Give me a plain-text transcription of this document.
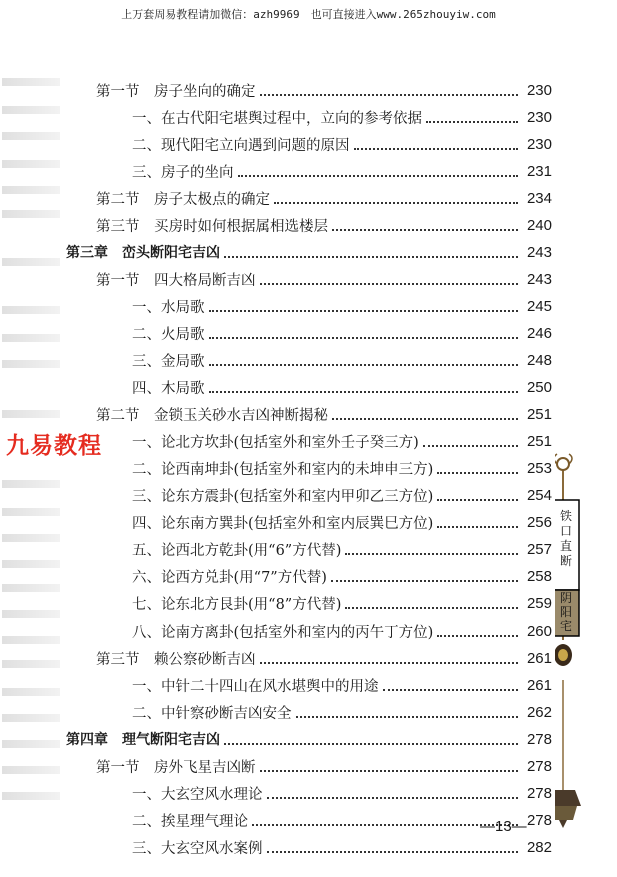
上万套周易教程请加微信：azh9969　也可直接进入www.265zhouyiw.com
第一节　房子坐向的确定	230
一、在古代阳宅堪舆过程中，立向的参考依据	230
二、现代阳宅立向遇到问题的原因	230
三、房子的坐向	231
第二节　房子太极点的确定	234
第三节　买房时如何根据属相选楼层	240
第三章　峦头断阳宅吉凶	243
第一节　四大格局断吉凶	243
一、水局歌	245
二、火局歌	246
三、金局歌	248
四、木局歌	250
第二节　金锁玉关砂水吉凶神断揭秘	251
一、论北方坎卦(包括室外和室外壬子癸三方)	251
二、论西南坤卦(包括室外和室内的未坤申三方)	253
三、论东方震卦(包括室外和室内甲卯乙三方位)	254
四、论东南方巽卦(包括室外和室内辰巽巳方位)	256
五、论西北方乾卦(用“6”方代替)	257
六、论西方兑卦(用“7”方代替)	258
七、论东北方艮卦(用“8”方代替)	259
八、论南方离卦(包括室外和室内的丙午丁方位)	260
第三节　赖公察砂断吉凶	261
一、中针二十四山在风水堪舆中的用途	261
二、中针察砂断吉凶安全	262
第四章　理气断阳宅吉凶	278
第一节　房外飞星吉凶断	278
一、大玄空风水理论	278
二、挨星理气理论	278
三、大玄空风水案例	282
九易教程
铁口直断
阴阳宅
—13—
